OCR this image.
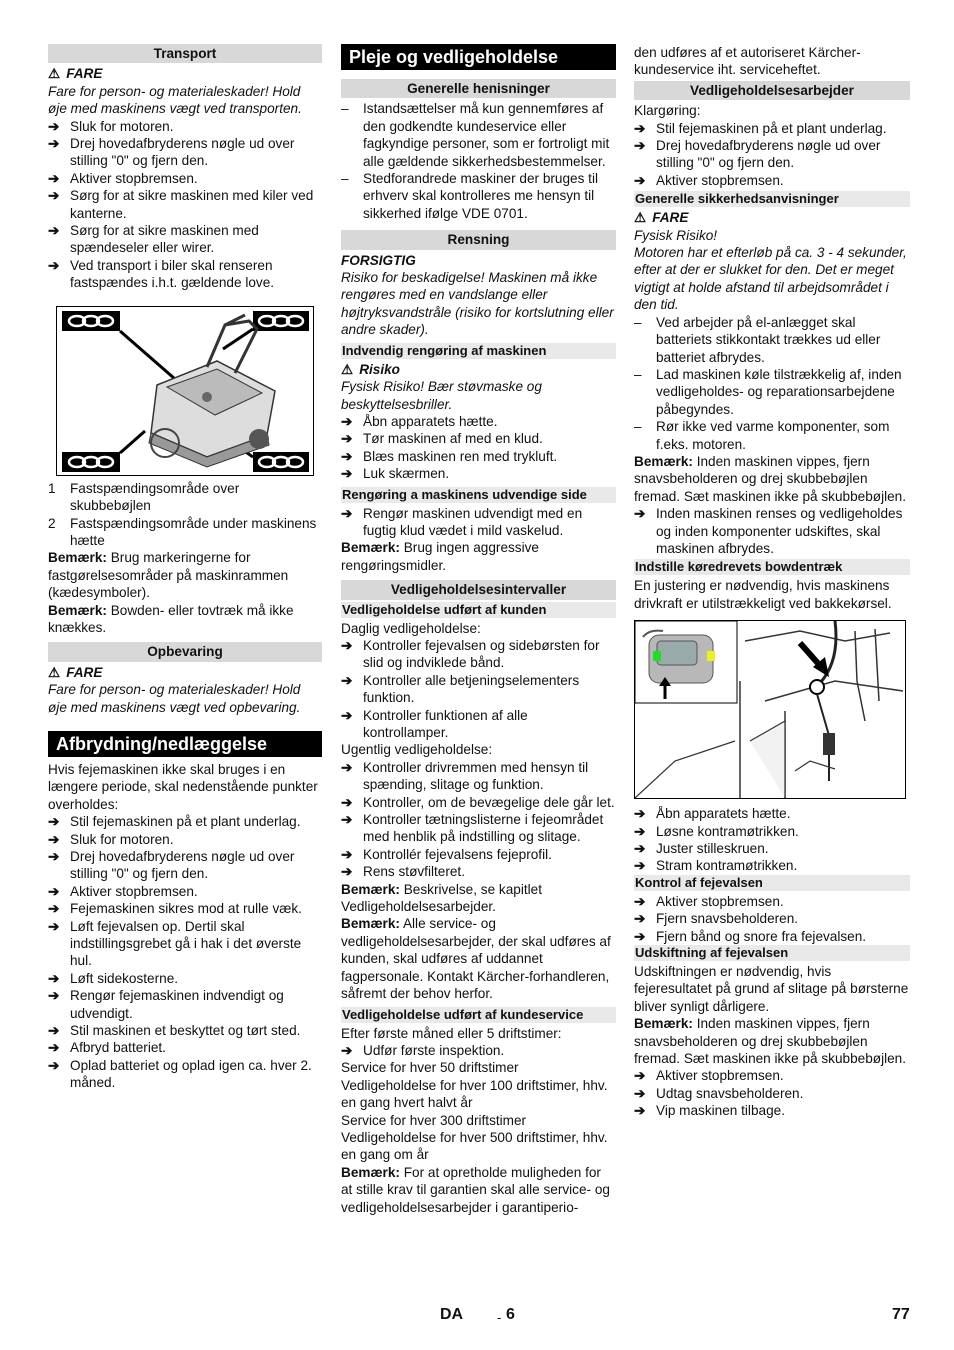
Transport
⚠ FARE

Fare for person- og materialeskader! Hold øje med maskinens vægt ved transporten.

➔ Sluk for motoren.
➔ Drej hovedafbryderens nøgle ud over stilling "0" og fjern den.
➔ Aktiver stopbremsen.
➔ Sørg for at sikre maskinen med kiler ved kanterne.
➔ Sørg for at sikre maskinen med spændeseler eller wirer.
➔ Ved transport i biler skal renseren fastspændes i.h.t. gældende love.
1 Fastspændingsområde over skubbebøjlen
2 Fastspændingsområde under maskinens hætte

Bemærk: Brug markeringerne for fastgørelsesområder på maskinrammen (kædesymboler).

Bemærk: Bowden- eller tovtræk må ikke knækkes.

Opbevaring
⚠ FARE

Fare for person- og materialeskader! Hold øje med maskinens vægt ved opbevaring.

Afbrydning/nedlæggelse

Hvis fejemaskinen ikke skal bruges i en længere periode, skal nedenstående punkter overholdes:

➔ Stil fejemaskinen på et plant underlag.
➔ Sluk for motoren.
➔ Drej hovedafbryderens nøgle ud over stilling "0" og fjern den.
➔ Aktiver stopbremsen.
➔ Fejemaskinen sikres mod at rulle væk.
➔ Løft fejevalsen op. Dertil skal indstillingsgrebet gå i hak i det øverste hul.
➔ Løft sidekosterne.
➔ Rengør fejemaskinen indvendigt og udvendigt.
➔ Stil maskinen et beskyttet og tørt sted.
➔ Afbryd batteriet.
➔ Oplad batteriet og oplad igen ca. hver 2. måned.
Pleje og vedligeholdelse
Generelle henisninger
– Istandsættelser må kun gennemføres af den godkendte kundeservice eller fagkyndige personer, som er fortroligt mit alle gældende sikkerhedsbestemmelser.
– Stedforandrede maskiner der bruges til erhverv skal kontrolleres me hensyn til sikkerhed ifølge VDE 0701.
Rensning
FORSIGTIG

Risiko for beskadigelse! Maskinen må ikke rengøres med en vandslange eller højtryksvandstråle (risiko for kortslutning eller andre skader).

Indvendig rengøring af maskinen
⚠ Risiko

Fysisk Risiko! Bær støvmaske og beskyttelsesbriller.

➔ Åbn apparatets hætte.
➔ Tør maskinen af med en klud.
➔ Blæs maskinen ren med trykluft.
➔ Luk skærmen.
Rengøring a maskinens udvendige side
➔ Rengør maskinen udvendigt med en fugtig klud vædet i mild vaskelud.

Bemærk: Brug ingen aggressive rengøringsmidler.

Vedligeholdelsesintervaller
Vedligeholdelse udført af kunden

Daglig vedligeholdelse:

➔ Kontroller fejevalsen og sidebørsten for slid og indviklede bånd.
➔ Kontroller alle betjeningselementers funktion.
➔ Kontroller funktionen af alle kontrollamper.

Ugentlig vedligeholdelse:

➔ Kontroller drivremmen med hensyn til spænding, slitage og funktion.
➔ Kontroller, om de bevægelige dele går let.
➔ Kontroller tætningslisterne i fejeområdet med henblik på indstilling og slitage.
➔ Kontrollér fejevalsens fejeprofil.
➔ Rens støvfilteret.

Bemærk: Beskrivelse, se kapitlet Vedligeholdelsesarbejder.

Bemærk: Alle service- og vedligeholdelsesarbejder, der skal udføres af kunden, skal udføres af uddannet fagpersonale. Kontakt Kärcher-forhandleren, såfremt der behov herfor.

Vedligeholdelse udført af kundeservice

Efter første måned eller 5 driftstimer:

➔ Udfør første inspektion.

Service for hver 50 driftstimer

Vedligeholdelse for hver 100 driftstimer, hhv. en gang hvert halvt år

Service for hver 300 driftstimer

Vedligeholdelse for hver 500 driftstimer, hhv. en gang om år

Bemærk: For at opretholde muligheden for at stille krav til garantien skal alle service- og vedligeholdelsesarbejder i garantiperio-

den udføres af et autoriseret Kärcher-kundeservice iht. serviceheftet.

Vedligeholdelsesarbejder

Klargøring:

➔ Stil fejemaskinen på et plant underlag.
➔ Drej hovedafbryderens nøgle ud over stilling "0" og fjern den.
➔ Aktiver stopbremsen.
Generelle sikkerhedsanvisninger
⚠ FARE

Fysisk Risiko!

Motoren har et efterløb på ca. 3 - 4 sekunder, efter at der er slukket for den. Det er meget vigtigt at holde afstand til arbejdsområdet i den tid.

– Ved arbejder på el-anlægget skal batteriets stikkontakt trækkes ud eller batteriet afbrydes.
– Lad maskinen køle tilstrækkelig af, inden vedligeholdes- og reparationsarbejdene påbegyndes.
– Rør ikke ved varme komponenter, som f.eks. motoren.

Bemærk: Inden maskinen vippes, fjern snavsbeholderen og drej skubbebøjlen fremad. Sæt maskinen ikke på skubbebøjlen.

➔ Inden maskinen renses og vedligeholdes og inden komponenter udskiftes, skal maskinen afbrydes.
Indstille køredrevets bowdentræk

En justering er nødvendig, hvis maskinens drivkraft er utilstrækkeligt ved bakkekørsel.

➔ Åbn apparatets hætte.
➔ Løsne kontramøtrikken.
➔ Juster stilleskruen.
➔ Stram kontramøtrikken.
Kontrol af fejevalsen
➔ Aktiver stopbremsen.
➔ Fjern snavsbeholderen.
➔ Fjern bånd og snore fra fejevalsen.
Udskiftning af fejevalsen

Udskiftningen er nødvendig, hvis fejeresultatet på grund af slitage på børsterne bliver synligt dårligere.

Bemærk: Inden maskinen vippes, fjern snavsbeholderen og drej skubbebøjlen fremad. Sæt maskinen ikke på skubbebøjlen.

➔ Aktiver stopbremsen.
➔ Udtag snavsbeholderen.
➔ Vip maskinen tilbage.
DA	- 6	77
